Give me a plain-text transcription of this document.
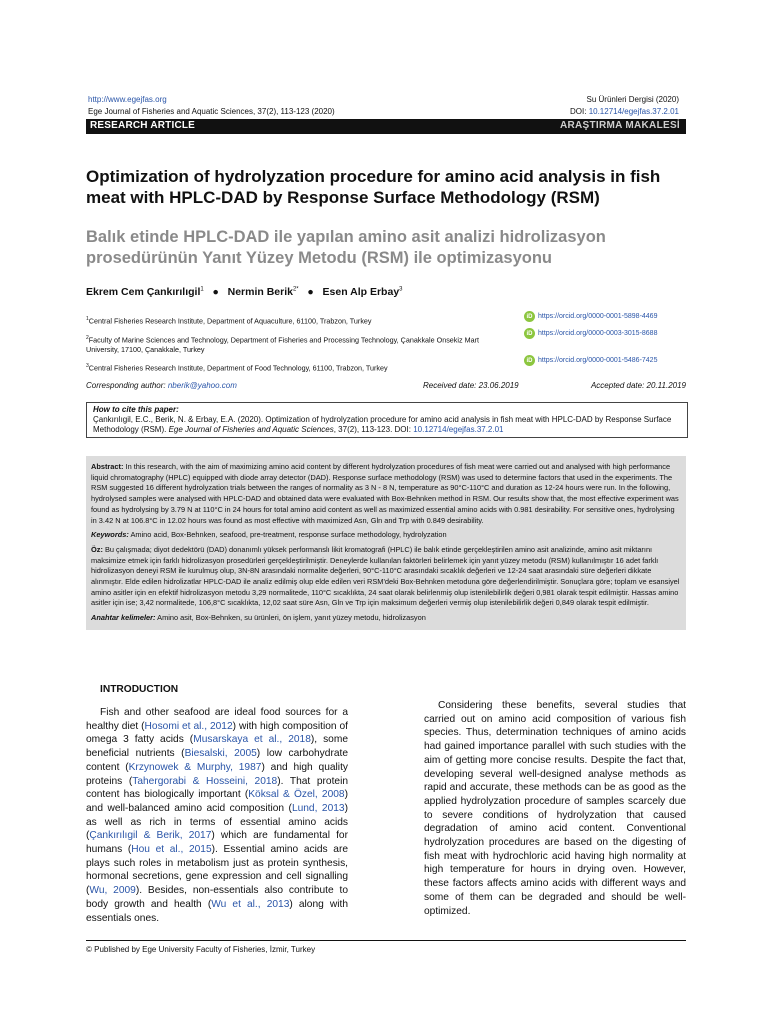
http://www.egejfas.org
Ege Journal of Fisheries and Aquatic Sciences, 37(2), 113-123 (2020)
Su Ürünleri Dergisi (2020)
DOI: 10.12714/egejfas.37.2.01
RESEARCH ARTICLE	ARAŞTIRMA MAKALESİ
Optimization of hydrolyzation procedure for amino acid analysis in fish meat with HPLC-DAD by Response Surface Methodology (RSM)
Balık etinde HPLC-DAD ile yapılan amino asit analizi hidrolizasyon prosedürünün Yanıt Yüzey Metodu (RSM) ile optimizasyonu
Ekrem Cem Çankırılıgil$^1$ ● Nermin Berik$^{2*}$ ● Esen Alp Erbay$^3$
$^1$Central Fisheries Research Institute, Department of Aquaculture, 61100, Trabzon, Turkey
$^2$Faculty of Marine Sciences and Technology, Department of Fisheries and Processing Technology, Çanakkale Onsekiz Mart University, 17100, Çanakkale, Turkey
$^3$Central Fisheries Research Institute, Department of Food Technology, 61100, Trabzon, Turkey
iD https://orcid.org/0000-0001-5898-4469
iD https://orcid.org/0000-0003-3015-8688
iD https://orcid.org/0000-0001-5486-7425
Corresponding author: nberik@yahoo.com	Received date: 23.06.2019	Accepted date: 20.11.2019
How to cite this paper:
Çankırılıgil, E.C., Berik, N. & Erbay, E.A. (2020). Optimization of hydrolyzation procedure for amino acid analysis in fish meat with HPLC-DAD by Response Surface Methodology (RSM). Ege Journal of Fisheries and Aquatic Sciences, 37(2), 113-123. DOI: 10.12714/egejfas.37.2.01

Abstract: In this research, with the aim of maximizing amino acid content by different hydrolyzation procedures of fish meat were carried out and analysed with high performance liquid chromatography (HPLC) equipped with diode array detector (DAD). Response surface methodology (RSM) was used to determine factors that used in the experiments. The RSM suggested 16 different hydrolyzation trials between the ranges of normality as 3 N - 8 N, temperature as 90°C-110°C and duration as 12-24 hours were run. In the following, hydrolysed samples were analysed with HPLC-DAD and obtained data were evaluated with Box-Behnken method in RSM. Our results show that, the most effective experiment was found as hydrolysing by 3.79 N at 110°C in 24 hours for total amino acid content as well as maximized essential amino acids with 0.981 desirability. For sensitive ones, hydrolysing in 3.42 N at 106.8°C in 12.02 hours was found as most effective with maximized Asn, Gln and Trp with 0.849 desirability.

Keywords: Amino acid, Box-Behnken, seafood, pre-treatment, response surface methodology, hydrolyzation

Öz: Bu çalışmada; diyot dedektörü (DAD) donanımlı yüksek performanslı likit kromatografi (HPLC) ile balık etinde gerçekleştirilen amino asit analizinde, amino asit miktarını maksimize etmek için farklı hidrolizasyon prosedürleri gerçekleştirilmiştir. Deneylerde kullanılan faktörleri belirlemek için yanıt yüzey metodu (RSM) kullanılmıştır 16 adet farklı hidrolizasyon deneyi RSM ile kurulmuş olup, 3N-8N arasındaki normalite değerleri, 90°C-110°C arasındaki sıcaklık değerleri ve 12-24 saat arasındaki süre değerleri dikkate alınmıştır. Elde edilen hidrolizatlar HPLC-DAD ile analiz edilmiş olup elde edilen veri RSM'deki Box-Behnken metoduna göre değerlendirilmiştir. Sonuçlara göre; toplam ve esansiyel amino asitler için en efektif hidrolizasyon metodu 3,29 normalitede, 110°C sıcaklıkta, 24 saat olarak belirlenmiş olup istenilebilirlik değeri 0,981 olarak tespit edilmiştir. Hassas amino asitler için ise; 3,42 normalitede, 106,8°C sıcaklıkta, 12,02 saat süre Asn, Gln ve Trp için maksimum değerleri vermiş olup istenilebilirlik değeri 0,849 olarak tespit edilmiştir.

Anahtar kelimeler: Amino asit, Box-Behnken, su ürünleri, ön işlem, yanıt yüzey metodu, hidrolizasyon

INTRODUCTION
Fish and other seafood are ideal food sources for a healthy diet (Hosomi et al., 2012) with high composition of omega 3 fatty acids (Musarskaya et al., 2018), some beneficial nutrients (Biesalski, 2005) low carbohydrate content (Krzynowek & Murphy, 1987) and high quality proteins (Tahergorabi & Hosseini, 2018). That protein content has biologically important (Köksal & Özel, 2008) and well-balanced amino acid composition (Lund, 2013) as well as rich in terms of essential amino acids (Çankırılıgil & Berik, 2017) which are fundamental for humans (Hou et al., 2015). Essential amino acids are plays such roles in metabolism just as protein synthesis, hormonal secretions, gene expression and cell signalling (Wu, 2009). Besides, non-essentials also contribute to body growth and health (Wu et al., 2013) along with essentials ones.
Considering these benefits, several studies that carried out on amino acid composition of various fish species. Thus, determination techniques of amino acids had gained importance parallel with such studies with the aim of getting more concise results. Despite the fact that, developing several well-designed analyse methods as rapid and accurate, these methods can be as good as the applied hydrolyzation procedure of samples scarcely due to severe conditions of hydrolyzation that caused degradation of amino acid content. Conventional hydrolyzation procedures are based on the digesting of fish meat with hydrochloric acid having high normality at high temperature for hours in drying oven. However, these factors affects amino acids with different ways and some of them can be degraded and should be well-optimized.
© Published by Ege University Faculty of Fisheries, İzmir, Turkey
